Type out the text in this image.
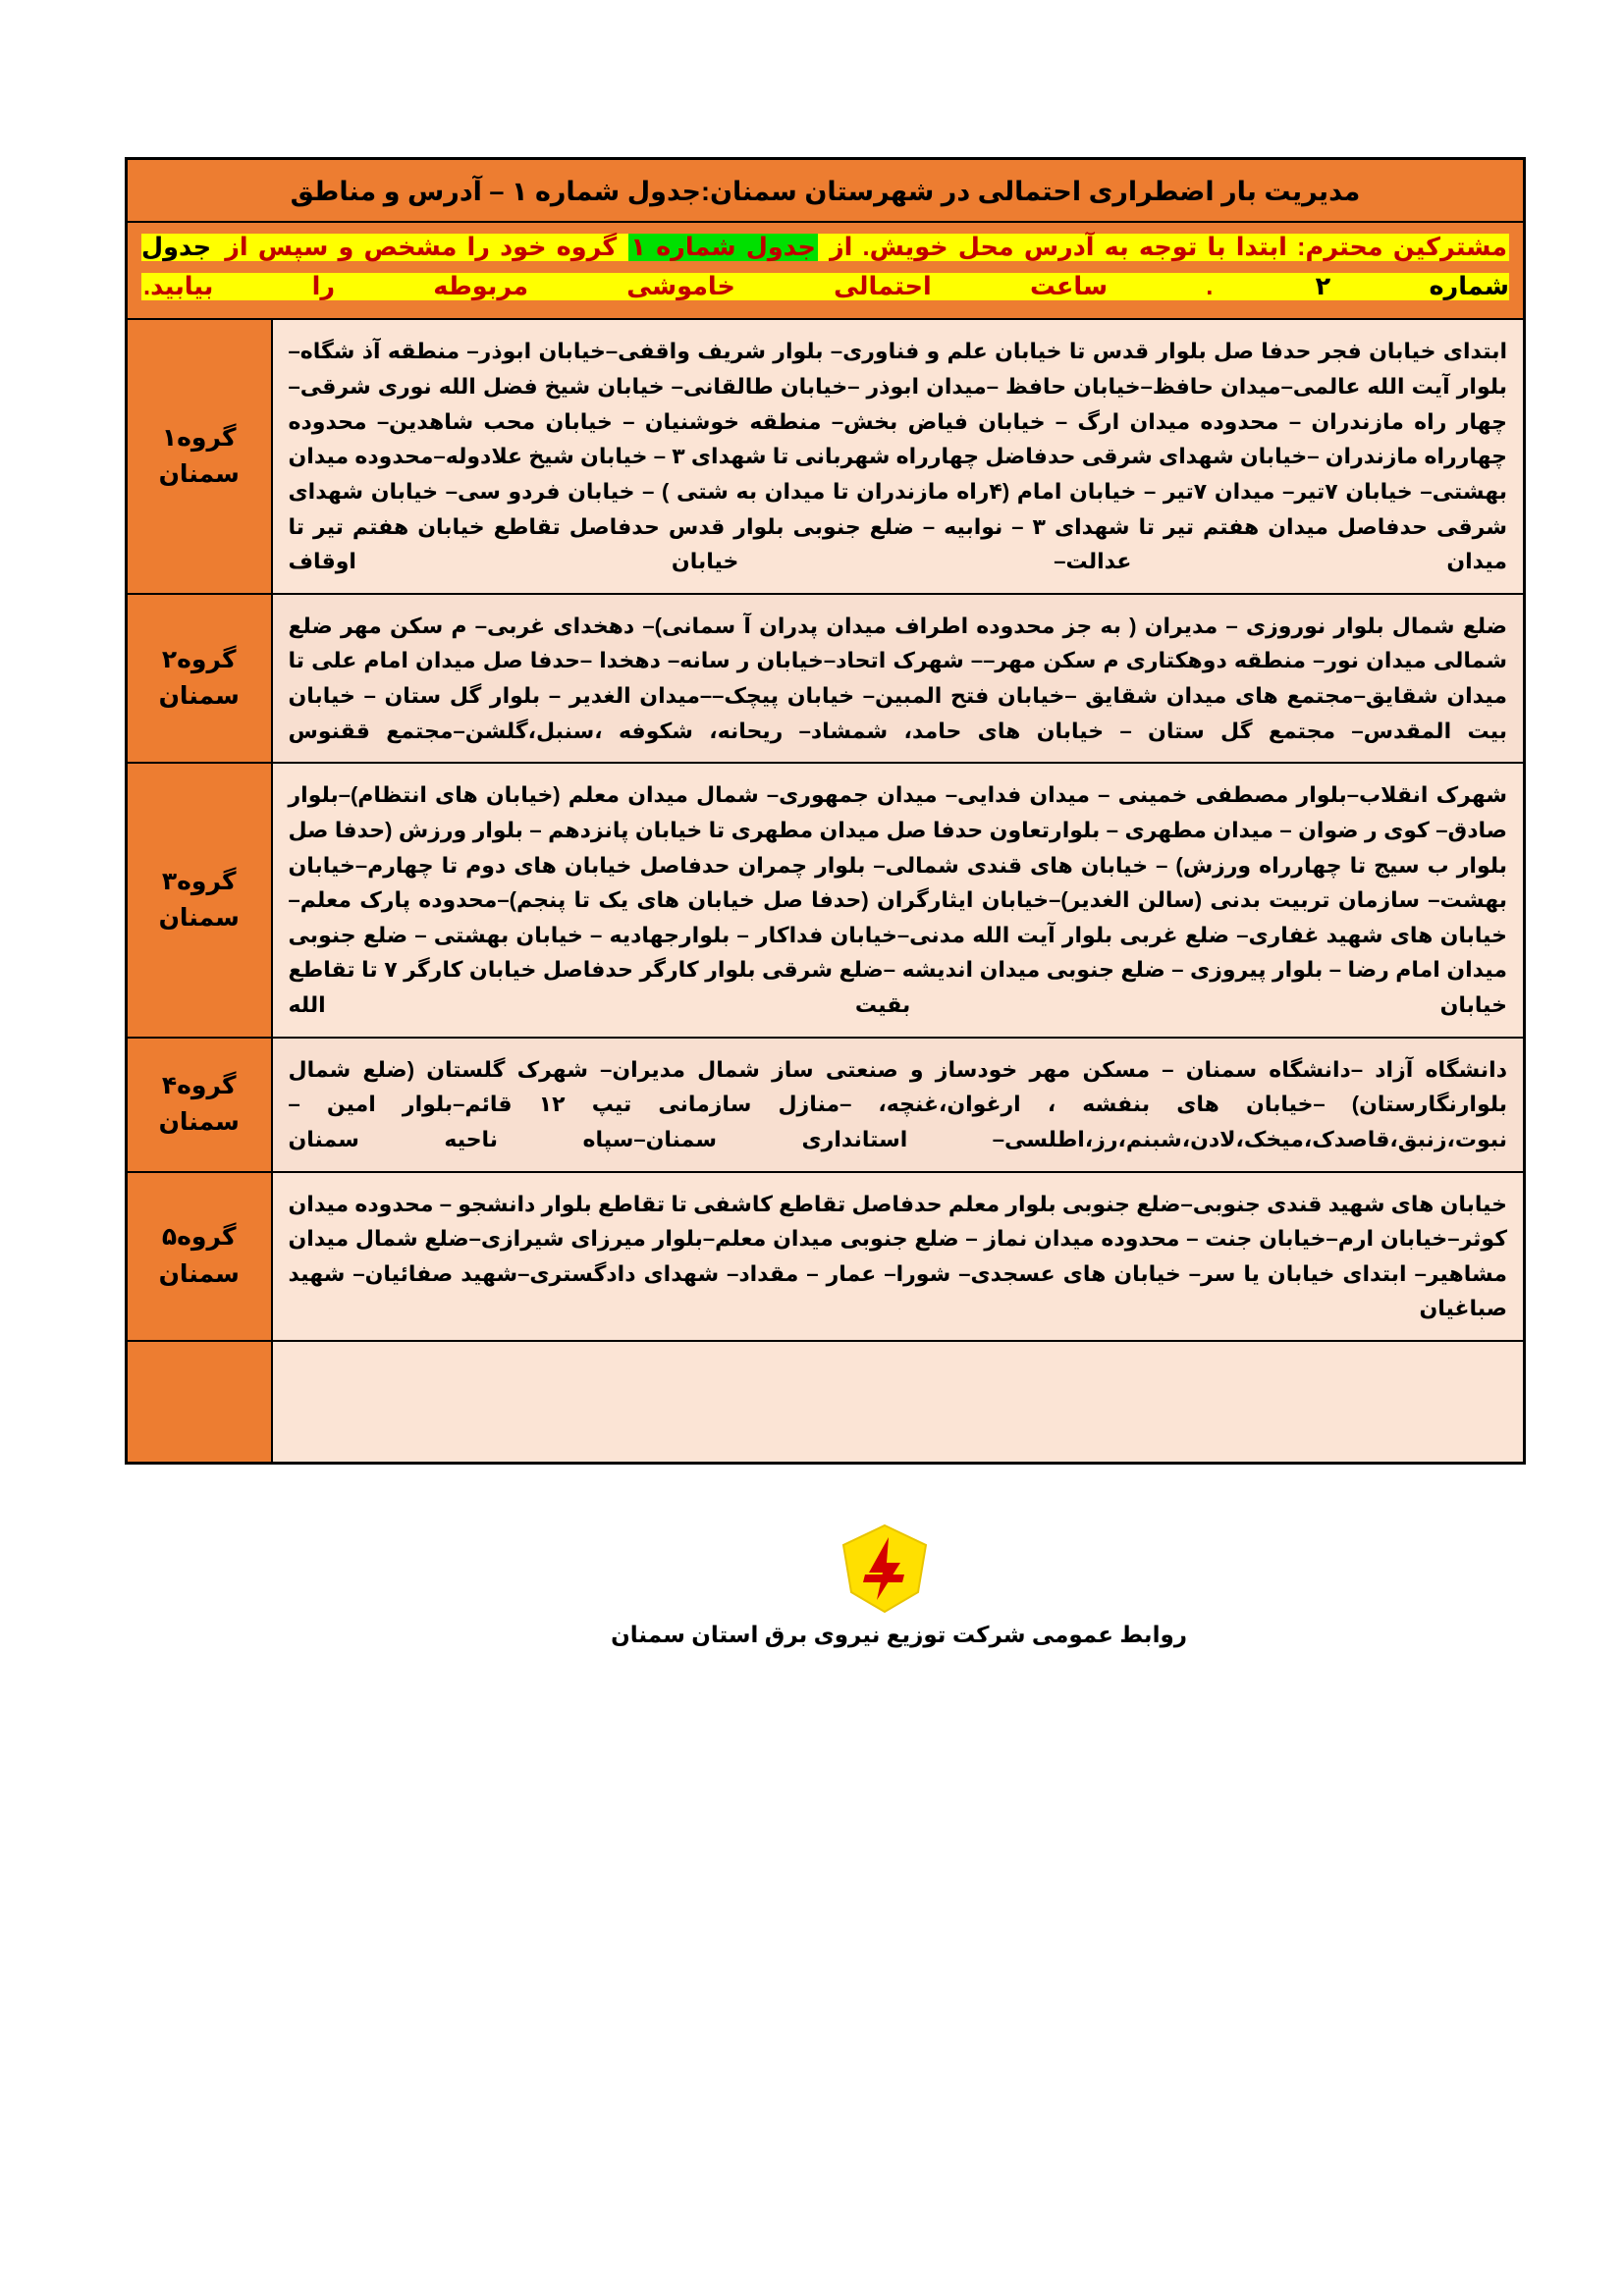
مدیریت بار اضطراری احتمالی در شهرستان سمنان:جدول شماره ۱ – آدرس و مناطق	

مشترکین محترم: ابتدا با توجه به آدرس محل خویش. از جدول شماره ۱ گروه خود را مشخص و سپس از جدول شماره ۲ . ساعت احتمالی خاموشی مربوطه را بیابید.	

ابتدای خیابان فجر حدفا صل بلوار قدس تا خیابان علم و فناوری– بلوار شریف واقفی–خیابان ابوذر– منطقه آذ شگاه– بلوار آیت الله عالمی–میدان حافظ–خیابان حافظ –میدان ابوذر –خیابان طالقانی– خیابان شیخ فضل الله نوری شرقی– چهار راه مازندران – محدوده میدان ارگ – خیابان فیاض بخش– منطقه خوشنیان – خیابان محب شاهدین– محدوده چهارراه مازندران –خیابان شهدای شرقی حدفاضل چهارراه شهربانی تا شهدای ۳ – خیابان شیخ علادوله–محدوده میدان بهشتی– خیابان ۷تیر– میدان ۷تیر – خیابان امام (۴راه مازندران تا میدان به شتی ) – خیابان فردو سی– خیابان شهدای شرقی حدفاصل میدان هفتم تیر تا شهدای ۳ – نوابیه – ضلع جنوبی بلوار قدس حدفاصل تقاطع خیابان هفتم تیر تا میدان عدالت– خیابان اوقاف	گروه۱
سمنان

ضلع شمال بلوار نوروزی – مدیران ( به جز محدوده اطراف میدان پدران آ سمانی)– دهخدای غربی– م سکن مهر ضلع شمالی میدان نور– منطقه دوهکتاری م سکن مهر–– شهرک اتحاد–خیابان ر سانه– دهخدا –حدفا صل میدان امام علی تا میدان شقایق–مجتمع های میدان شقایق –خیابان فتح المبین– خیابان پیچک––میدان الغدیر – بلوار گل ستان – خیابان بیت المقدس– مجتمع گل ستان – خیابان های حامد، شمشاد– ریحانه، شکوفه ،سنبل،گلشن–مجتمع ققنوس	گروه۲
سمنان

شهرک انقلاب–بلوار مصطفی خمینی – میدان فدایی– میدان جمهوری– شمال میدان معلم (خیابان های انتظام)–بلوار صادق– کوی ر ضوان – میدان مطهری – بلوارتعاون حدفا صل میدان مطهری تا خیابان پانزدهم – بلوار ورزش (حدفا صل بلوار ب سیج تا چهارراه ورزش) – خیابان های قندی شمالی– بلوار چمران حدفاصل خیابان های دوم تا چهارم–خیابان بهشت– سازمان تربیت بدنی (سالن الغدیر)–خیابان ایثارگران (حدفا صل خیابان های یک تا پنجم)–محدوده پارک معلم–خیابان های شهید غفاری– ضلع غربی بلوار آیت الله مدنی–خیابان فداکار – بلوارجهادیه – خیابان بهشتی – ضلع جنوبی میدان امام رضا – بلوار پیروزی – ضلع جنوبی میدان اندیشه –ضلع شرقی بلوار کارگر حدفاصل خیابان کارگر ۷ تا تقاطع خیابان بقیت الله	گروه۳
سمنان

دانشگاه آزاد –دانشگاه سمنان – مسکن مهر خودساز و صنعتی ساز شمال مدیران– شهرک گلستان (ضلع شمال بلوارنگارستان) –خیابان های بنفشه ، ارغوان،غنچه، –منازل سازمانی تیپ ۱۲ قائم–بلوار امین – نبوت،زنبق،قاصدک،میخک،لادن،شبنم،رز،اطلسی– استانداری سمنان–سپاه ناحیه سمنان	گروه۴
سمنان

خیابان های شهید قندی جنوبی–ضلع جنوبی بلوار معلم حدفاصل تقاطع کاشفی تا تقاطع بلوار دانشجو – محدوده میدان کوثر–خیابان ارم–خیابان جنت – محدوده میدان نماز – ضلع جنوبی میدان معلم–بلوار میرزای شیرازی–ضلع شمال میدان مشاهیر– ابتدای خیابان یا سر– خیابان های عسجدی– شورا– عمار – مقداد– شهدای دادگستری–شهید صفائیان– شهید صباغیان	گروه۵
سمنان

روابط عمومی شرکت توزیع نیروی برق استان سمنان
